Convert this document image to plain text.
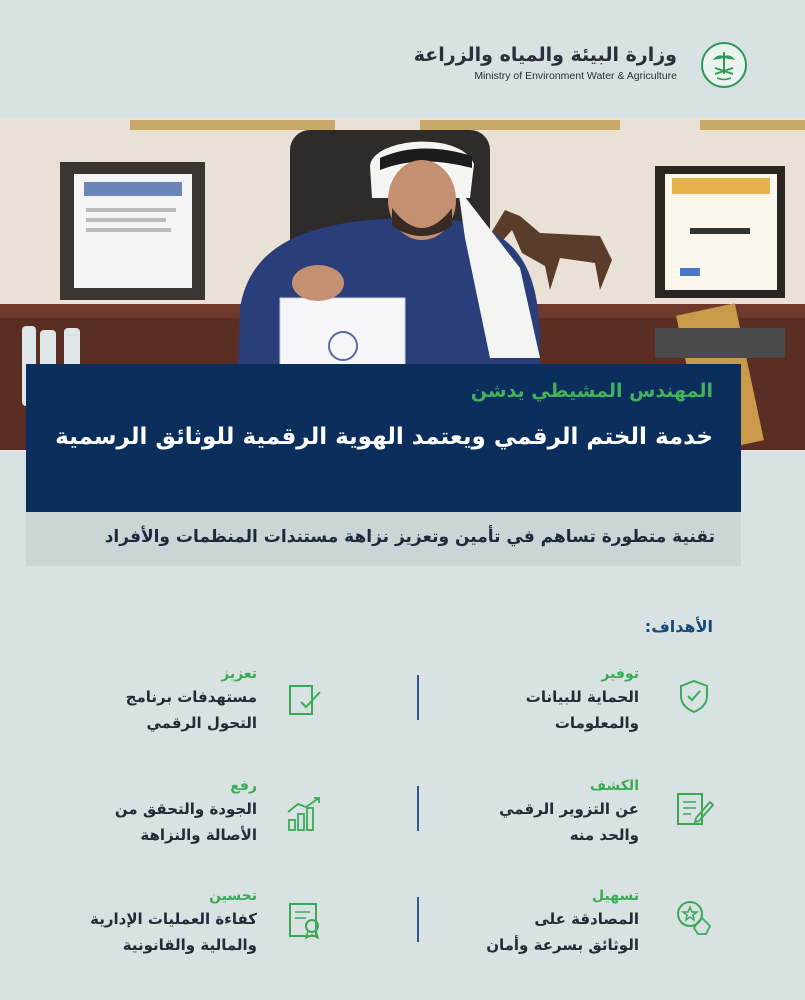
وزارة البيئة والمياه والزراعة
Ministry of Environment Water & Agriculture
المهندس المشيطي يدشن
خدمة الختم الرقمي ويعتمد الهوية الرقمية للوثائق الرسمية
تقنية متطورة تساهم في تأمين وتعزيز نزاهة مستندات المنظمات والأفراد
الأهداف:
توفير
الحماية للبيانات
والمعلومات
تعزيز
مستهدفات برنامج
التحول الرقمي
الكشف
عن التزوير الرقمي
والحد منه
رفع
الجودة والتحقق من
الأصالة والنزاهة
تسهيل
المصادقة على
الوثائق بسرعة وأمان
تحسين
كفاءة العمليات الإدارية
والمالية والقانونية
